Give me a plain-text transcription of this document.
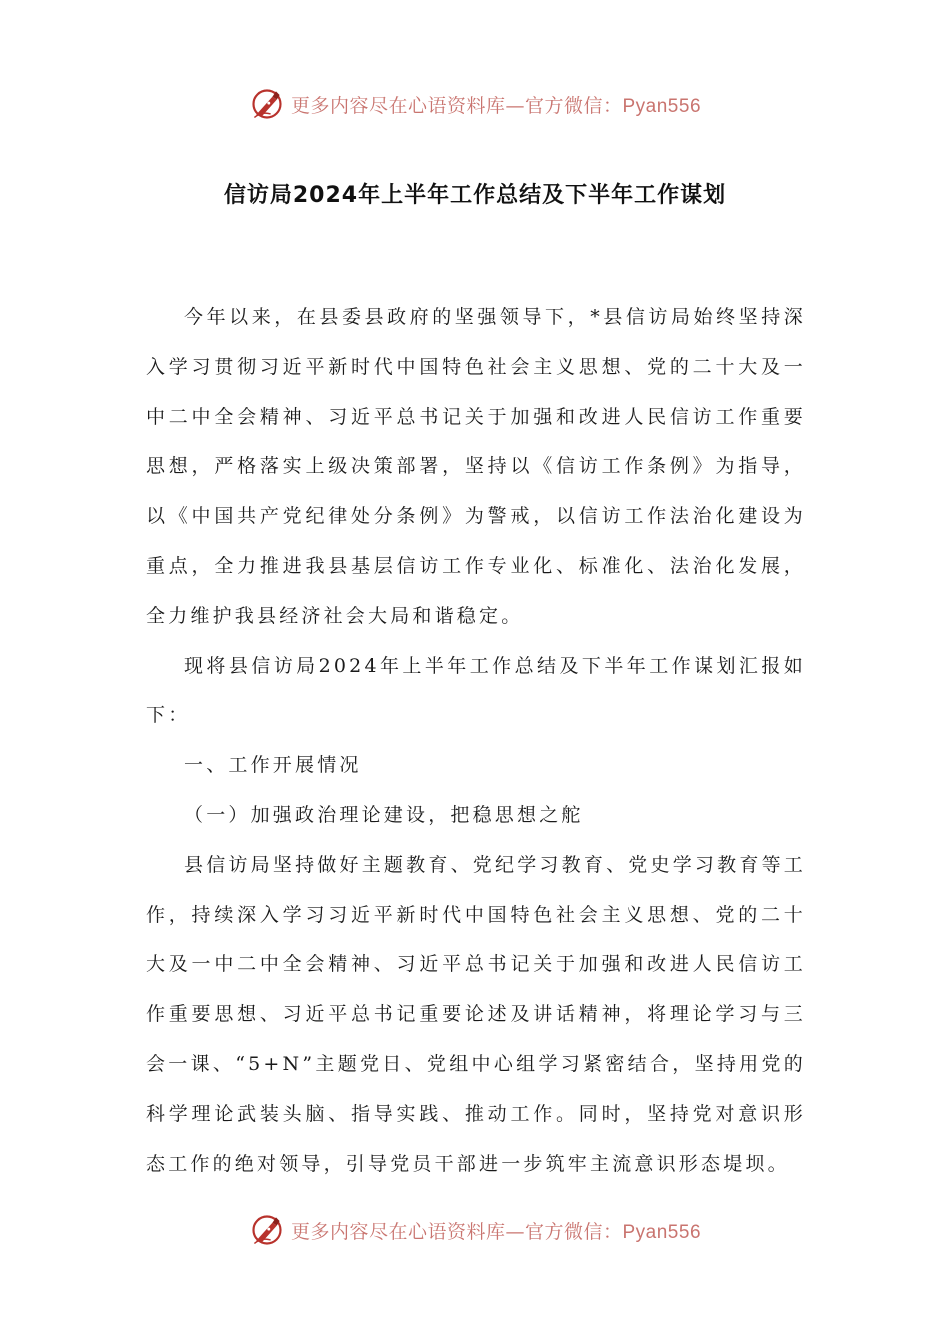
更多内容尽在心语资料库—官方微信：Pyan556
信访局2024年上半年工作总结及下半年工作谋划

今年以来，在县委县政府的坚强领导下，*县信访局始终坚持深入学习贯彻习近平新时代中国特色社会主义思想、党的二十大及一中二中全会精神、习近平总书记关于加强和改进人民信访工作重要思想，严格落实上级决策部署，坚持以《信访工作条例》为指导，以《中国共产党纪律处分条例》为警戒，以信访工作法治化建设为重点，全力推进我县基层信访工作专业化、标准化、法治化发展，全力维护我县经济社会大局和谐稳定。

现将县信访局2024年上半年工作总结及下半年工作谋划汇报如下：

一、工作开展情况

（一）加强政治理论建设，把稳思想之舵

县信访局坚持做好主题教育、党纪学习教育、党史学习教育等工作，持续深入学习习近平新时代中国特色社会主义思想、党的二十大及一中二中全会精神、习近平总书记关于加强和改进人民信访工作重要思想、习近平总书记重要论述及讲话精神，将理论学习与三会一课、“5+N”主题党日、党组中心组学习紧密结合，坚持用党的科学理论武装头脑、指导实践、推动工作。同时，坚持党对意识形态工作的绝对领导，引导党员干部进一步筑牢主流意识形态堤坝。

更多内容尽在心语资料库—官方微信：Pyan556
